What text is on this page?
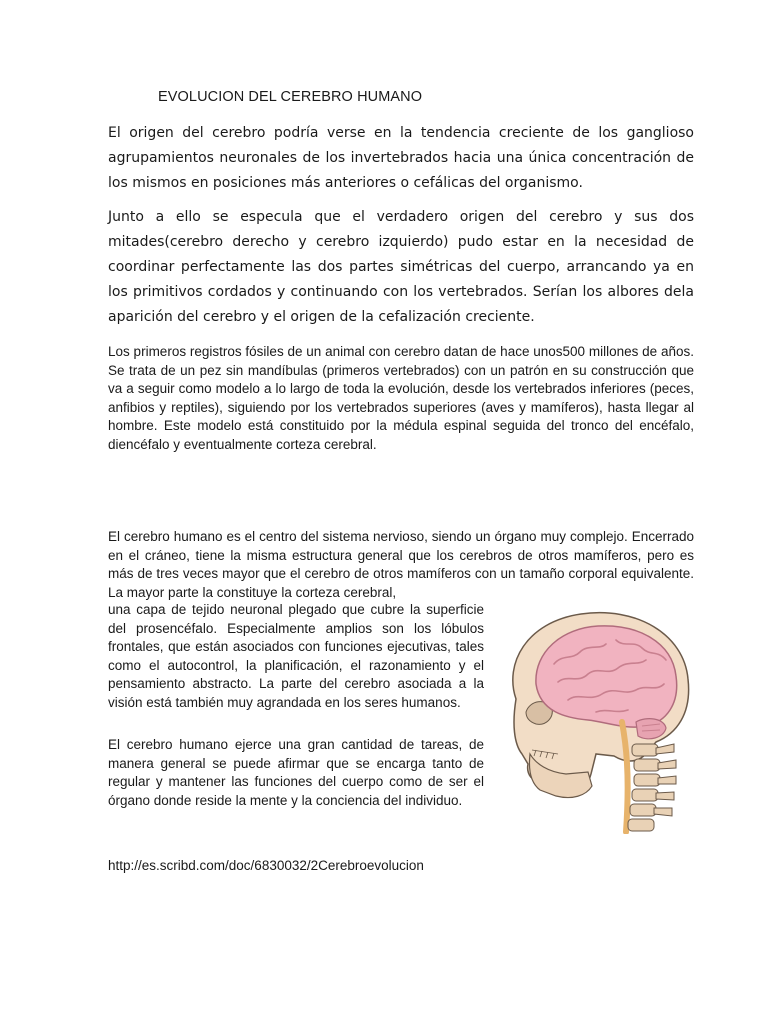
EVOLUCION DEL CEREBRO HUMANO
El origen del cerebro podría verse en la tendencia creciente de los ganglioso agrupamientos neuronales de los invertebrados hacia una única concentración de los mismos en posiciones más anteriores o cefálicas del organismo.
Junto a ello se especula que el verdadero origen del cerebro y sus dos mitades(cerebro derecho y cerebro izquierdo) pudo estar en la necesidad de coordinar perfectamente las dos partes simétricas del cuerpo, arrancando ya en los primitivos cordados y continuando con los vertebrados. Serían los albores dela aparición del cerebro y el origen de la cefalización creciente.
Los primeros registros fósiles de un animal con cerebro datan de hace unos500 millones de años. Se trata de un pez sin mandíbulas (primeros vertebrados) con un patrón en su construcción que va a seguir como modelo a lo largo de toda la evolución, desde los vertebrados inferiores (peces, anfibios y reptiles), siguiendo por los vertebrados superiores (aves y mamíferos), hasta llegar al hombre. Este modelo está constituido por la médula espinal seguida del tronco del encéfalo, diencéfalo y eventualmente corteza cerebral.
El cerebro humano es el centro del sistema nervioso, siendo un órgano muy complejo. Encerrado en el cráneo, tiene la misma estructura general que los cerebros de otros mamíferos, pero es más de tres veces mayor que el cerebro de otros mamíferos con un tamaño corporal equivalente. La mayor parte la constituye la corteza cerebral,
una capa de tejido neuronal plegado que cubre la superficie del prosencéfalo. Especialmente amplios son los lóbulos frontales, que están asociados con funciones ejecutivas, tales como el autocontrol, la planificación, el razonamiento y el pensamiento abstracto. La parte del cerebro asociada a la visión está también muy agrandada en los seres humanos.
El cerebro humano ejerce una gran cantidad de tareas, de manera general se puede afirmar que se encarga tanto de regular y mantener las funciones del cuerpo como de ser el órgano donde reside la mente y la conciencia del individuo.
http://es.scribd.com/doc/6830032/2Cerebroevolucion
